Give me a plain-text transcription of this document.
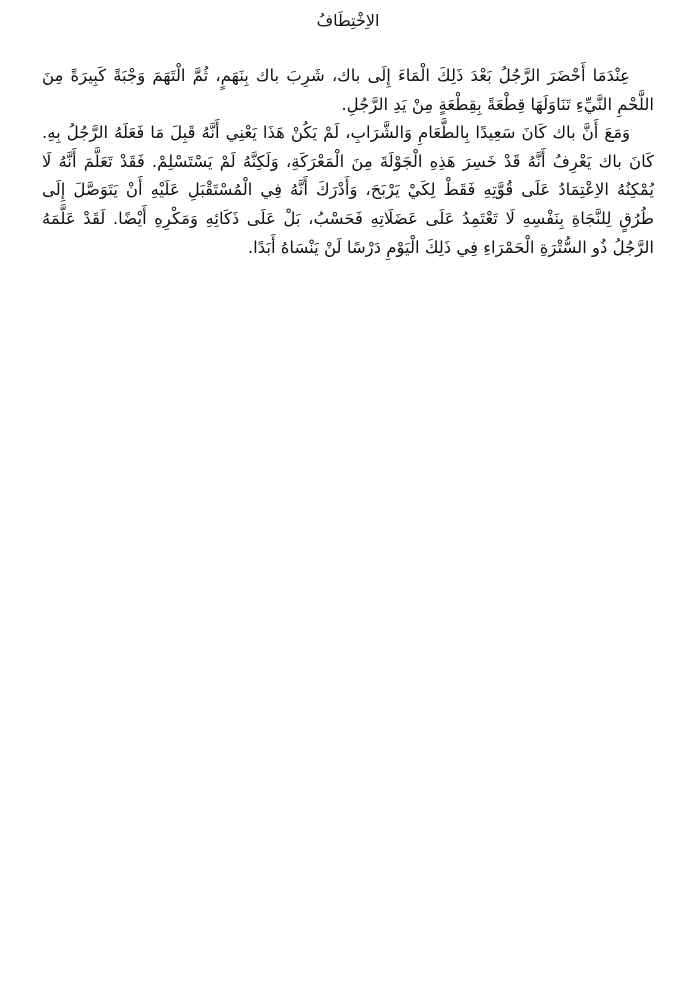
الاِخْتِطَافُ

عِنْدَمَا أَحْضَرَ الرَّجُلُ بَعْدَ ذَلِكَ الْمَاءَ إِلَى باك، شَرِبَ باك بِنَهَمٍ، ثُمَّ الْتَهَمَ وَجْبَةً كَبِيرَةً مِنَ اللَّحْمِ النَّيِّءِ تَنَاوَلَهَا قِطْعَةً بِقِطْعَةٍ مِنْ يَدِ الرَّجُلِ.

وَمَعَ أَنَّ باك كَانَ سَعِيدًا بِالطَّعَامِ وَالشَّرَابِ، لَمْ يَكُنْ هَذَا يَعْنِي أَنَّهُ قَبِلَ مَا فَعَلَهُ الرَّجُلُ بِهِ. كَانَ باك يَعْرِفُ أَنَّهُ قَدْ خَسِرَ هَذِهِ الْجَوْلَةَ مِنَ الْمَعْرَكَةِ، وَلَكِنَّهُ لَمْ يَسْتَسْلِمْ. فَقَدْ تَعَلَّمَ أَنَّهُ لَا يُمْكِنُهُ الاِعْتِمَادُ عَلَى قُوَّتِهِ فَقَطْ لِكَيْ يَرْبَحَ، وَأَدْرَكَ أَنَّهُ فِي الْمُسْتَقْبَلِ عَلَيْهِ أَنْ يَتَوَصَّلَ إِلَى طُرُقٍ لِلنَّجَاةِ بِنَفْسِهِ لَا تَعْتَمِدُ عَلَى عَضَلَاتِهِ فَحَسْبُ، بَلْ عَلَى ذَكَائِهِ وَمَكْرِهِ أَيْضًا. لَقَدْ عَلَّمَهُ الرَّجُلُ ذُو السُّتْرَةِ الْحَمْرَاءِ فِي ذَلِكَ الْيَوْمِ دَرْسًا لَنْ يَنْسَاهُ أَبَدًا.
